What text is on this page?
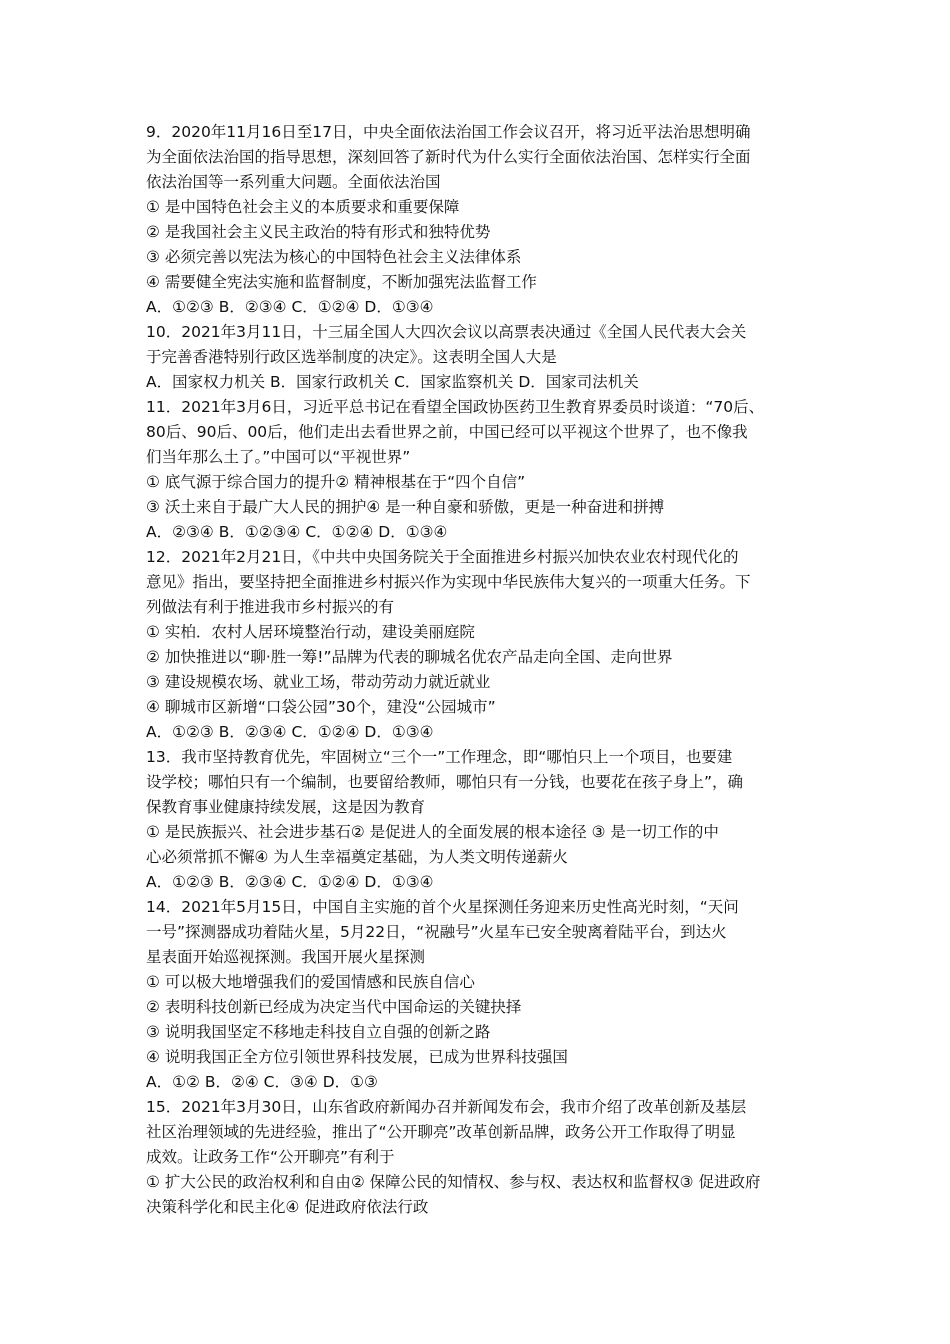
9．2020年11月16日至17日，中央全面依法治国工作会议召开，将习近平法治思想明确
为全面依法治国的指导思想，深刻回答了新时代为什么实行全面依法治国、怎样实行全面
依法治国等一系列重大问题。全面依法治国
① 是中国特色社会主义的本质要求和重要保障
② 是我国社会主义民主政治的特有形式和独特优势
③ 必须完善以宪法为核心的中国特色社会主义法律体系
④ 需要健全宪法实施和监督制度，不断加强宪法监督工作
A．①②③ B．②③④ C．①②④ D．①③④
10．2021年3月11日，十三届全国人大四次会议以高票表决通过《全国人民代表大会关
于完善香港特别行政区选举制度的决定》。这表明全国人大是
A．国家权力机关 B．国家行政机关 C．国家监察机关 D．国家司法机关
11．2021年3月6日，习近平总书记在看望全国政协医药卫生教育界委员时谈道：“70后、
80后、90后、00后，他们走出去看世界之前，中国已经可以平视这个世界了，也不像我
们当年那么土了。”中国可以“平视世界”
① 底气源于综合国力的提升② 精神根基在于“四个自信”
③ 沃土来自于最广大人民的拥护④ 是一种自豪和骄傲，更是一种奋进和拼搏
A．②③④ B．①②③④ C．①②④ D．①③④
12．2021年2月21日，《中共中央国务院关于全面推进乡村振兴加快农业农村现代化的
意见》指出，要坚持把全面推进乡村振兴作为实现中华民族伟大复兴的一项重大任务。下
列做法有利于推进我市乡村振兴的有
① 实柏．农村人居环境整治行动，建设美丽庭院
② 加快推进以“聊·胜一筹!”品牌为代表的聊城名优农产品走向全国、走向世界
③ 建设规模农场、就业工场，带动劳动力就近就业
④ 聊城市区新增“口袋公园”30个，建没“公园城市”
A．①②③ B．②③④ C．①②④ D．①③④
13．我市坚持教育优先，牢固树立“三个一”工作理念，即“哪怕只上一个项目，也要建
设学校；哪怕只有一个编制，也要留给教师，哪怕只有一分钱，也要花在孩子身上”，确
保教育事业健康持续发展，这是因为教育
① 是民族振兴、社会进步基石② 是促进人的全面发展的根本途径 ③ 是一切工作的中
心必须常抓不懈④ 为人生幸福奠定基础，为人类文明传递薪火
A．①②③ B．②③④ C．①②④ D．①③④
14．2021年5月15日，中国自主实施的首个火星探测任务迎来历史性高光时刻，“天问
一号”探测器成功着陆火星，5月22日，“祝融号”火星车已安全驶离着陆平台，到达火
星表面开始巡视探测。我国开展火星探测
① 可以极大地增强我们的爱国情感和民族自信心
② 表明科技创新已经成为决定当代中国命运的关键抉择
③ 说明我国坚定不移地走科技自立自强的创新之路
④ 说明我国正全方位引领世界科技发展，已成为世界科技强国
A．①② B．②④ C．③④ D．①③
15．2021年3月30日，山东省政府新闻办召并新闻发布会，我市介绍了改革创新及基层
社区治理领域的先进经验，推出了“公开聊亮”改革创新品牌，政务公开工作取得了明显
成效。让政务工作“公开聊亮”有利于
① 扩大公民的政治权利和自由② 保障公民的知情权、参与权、表达权和监督权③ 促进政府
决策科学化和民主化④ 促进政府依法行政
